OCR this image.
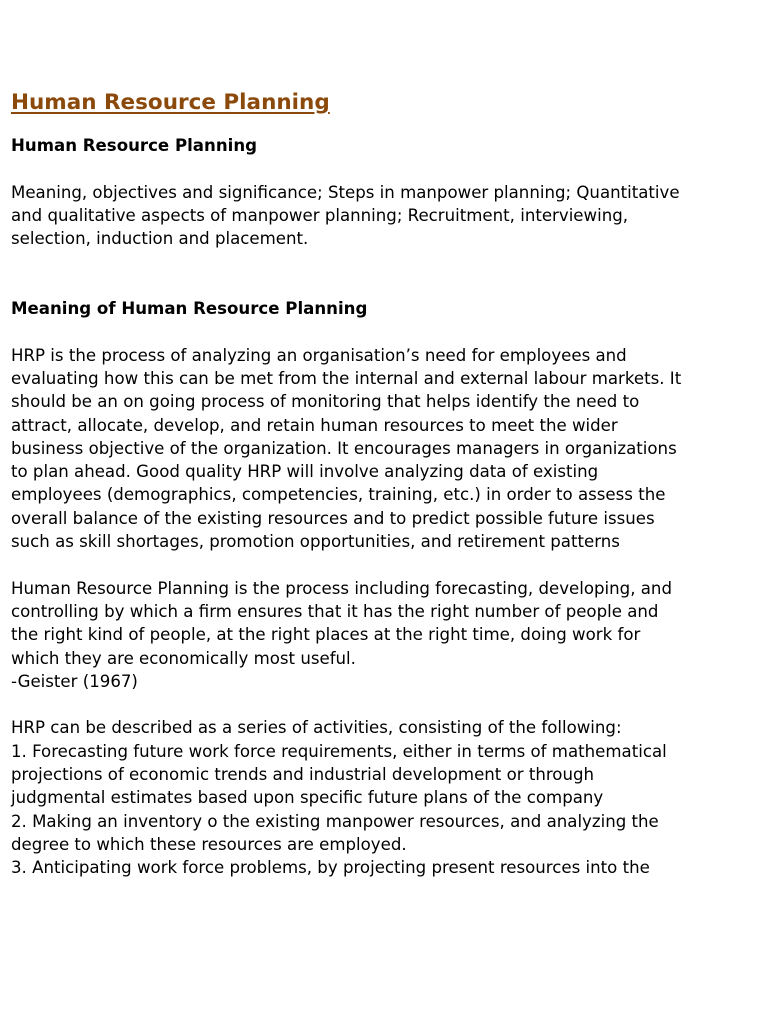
Human Resource Planning

Human Resource Planning

Meaning, objectives and significance; Steps in manpower planning; Quantitative
and qualitative aspects of manpower planning; Recruitment, interviewing,
selection, induction and placement.

Meaning of Human Resource Planning

HRP is the process of analyzing an organisation’s need for employees and
evaluating how this can be met from the internal and external labour markets. It
should be an on going process of monitoring that helps identify the need to
attract, allocate, develop, and retain human resources to meet the wider
business objective of the organization. It encourages managers in organizations
to plan ahead. Good quality HRP will involve analyzing data of existing
employees (demographics, competencies, training, etc.) in order to assess the
overall balance of the existing resources and to predict possible future issues
such as skill shortages, promotion opportunities, and retirement patterns

Human Resource Planning is the process including forecasting, developing, and
controlling by which a firm ensures that it has the right number of people and
the right kind of people, at the right places at the right time, doing work for
which they are economically most useful.
-Geister (1967)

HRP can be described as a series of activities, consisting of the following:
1. Forecasting future work force requirements, either in terms of mathematical
projections of economic trends and industrial development or through
judgmental estimates based upon specific future plans of the company
2. Making an inventory o the existing manpower resources, and analyzing the
degree to which these resources are employed.
3. Anticipating work force problems, by projecting present resources into the
